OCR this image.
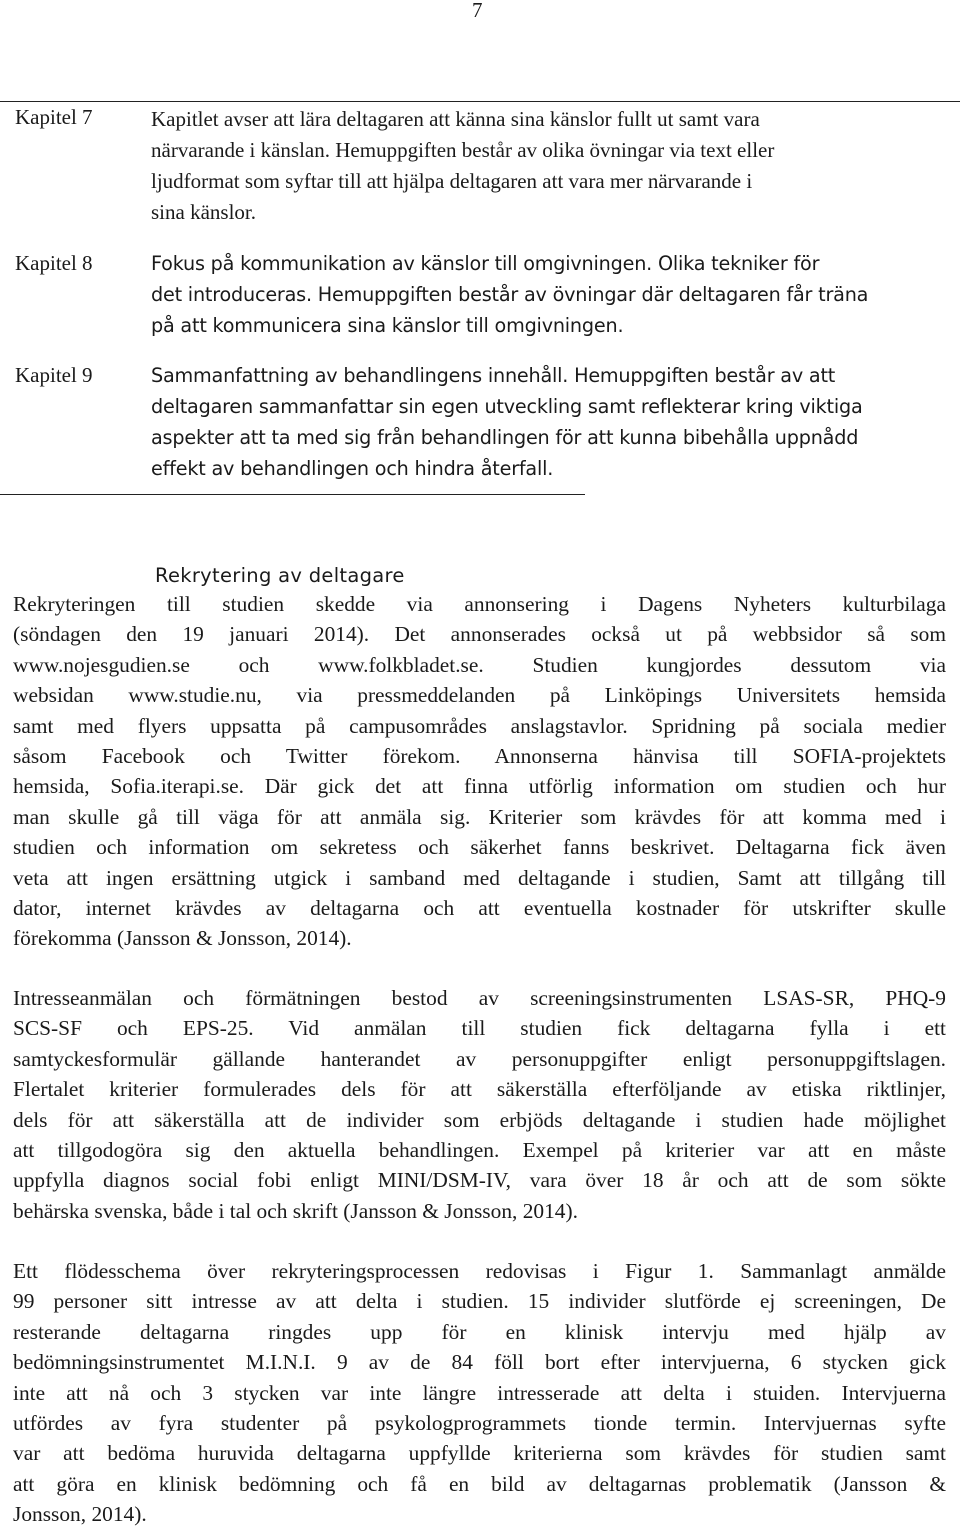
7
Kapitel 7	Kapitlet avser att lära deltagaren att känna sina känslor fullt ut samt vara
närvarande i känslan. Hemuppgiften består av olika övningar via text eller
ljudformat som syftar till att hjälpa deltagaren att vara mer närvarande i
sina känslor.
Kapitel 8	Fokus på kommunikation av känslor till omgivningen. Olika tekniker för
det introduceras. Hemuppgiften består av övningar där deltagaren får träna
på att kommunicera sina känslor till omgivningen.
Kapitel 9	Sammanfattning av behandlingens innehåll. Hemuppgiften består av att
deltagaren sammanfattar sin egen utveckling samt reflekterar kring viktiga
aspekter att ta med sig från behandlingen för att kunna bibehålla uppnådd
effekt av behandlingen och hindra återfall.
Rekrytering av deltagare
Rekryteringen till studien skedde via annonsering i Dagens Nyheters kulturbilaga
(söndagen den 19 januari 2014). Det annonserades också ut på webbsidor så som
www.nojesgudien.se och www.folkbladet.se. Studien kungjordes dessutom via
websidan www.studie.nu, via pressmeddelanden på Linköpings Universitets hemsida
samt med flyers uppsatta på campusområdes anslagstavlor. Spridning på sociala medier
såsom Facebook och Twitter förekom. Annonserna hänvisa till SOFIA-projektets
hemsida, Sofia.iterapi.se. Där gick det att finna utförlig information om studien och hur
man skulle gå till väga för att anmäla sig. Kriterier som krävdes för att komma med i
studien och information om sekretess och säkerhet fanns beskrivet. Deltagarna fick även
veta att ingen ersättning utgick i samband med deltagande i studien, Samt att tillgång till
dator, internet krävdes av deltagarna och att eventuella kostnader för utskrifter skulle
förekomma (Jansson & Jonsson, 2014).
Intresseanmälan och förmätningen bestod av screeningsinstrumenten LSAS-SR, PHQ-9
SCS-SF och EPS-25. Vid anmälan till studien fick deltagarna fylla i ett
samtyckesformulär gällande hanterandet av personuppgifter enligt personuppgiftslagen.
Flertalet kriterier formulerades dels för att säkerställa efterföljande av etiska riktlinjer,
dels för att säkerställa att de individer som erbjöds deltagande i studien hade möjlighet
att tillgodogöra sig den aktuella behandlingen. Exempel på kriterier var att en måste
uppfylla diagnos social fobi enligt MINI/DSM-IV, vara över 18 år och att de som sökte
behärska svenska, både i tal och skrift (Jansson & Jonsson, 2014).
Ett flödesschema över rekryteringsprocessen redovisas i Figur 1. Sammanlagt anmälde
99 personer sitt intresse av att delta i studien. 15 individer slutförde ej screeningen, De
resterande deltagarna ringdes upp för en klinisk intervju med hjälp av
bedömningsinstrumentet M.I.N.I. 9 av de 84 föll bort efter intervjuerna, 6 stycken gick
inte att nå och 3 stycken var inte längre intresserade att delta i stuiden. Intervjuerna
utfördes av fyra studenter på psykologprogrammets tionde termin. Intervjuernas syfte
var att bedöma huruvida deltagarna uppfyllde kriterierna som krävdes för studien samt
att göra en klinisk bedömning och få en bild av deltagarnas problematik (Jansson &
Jonsson, 2014).
